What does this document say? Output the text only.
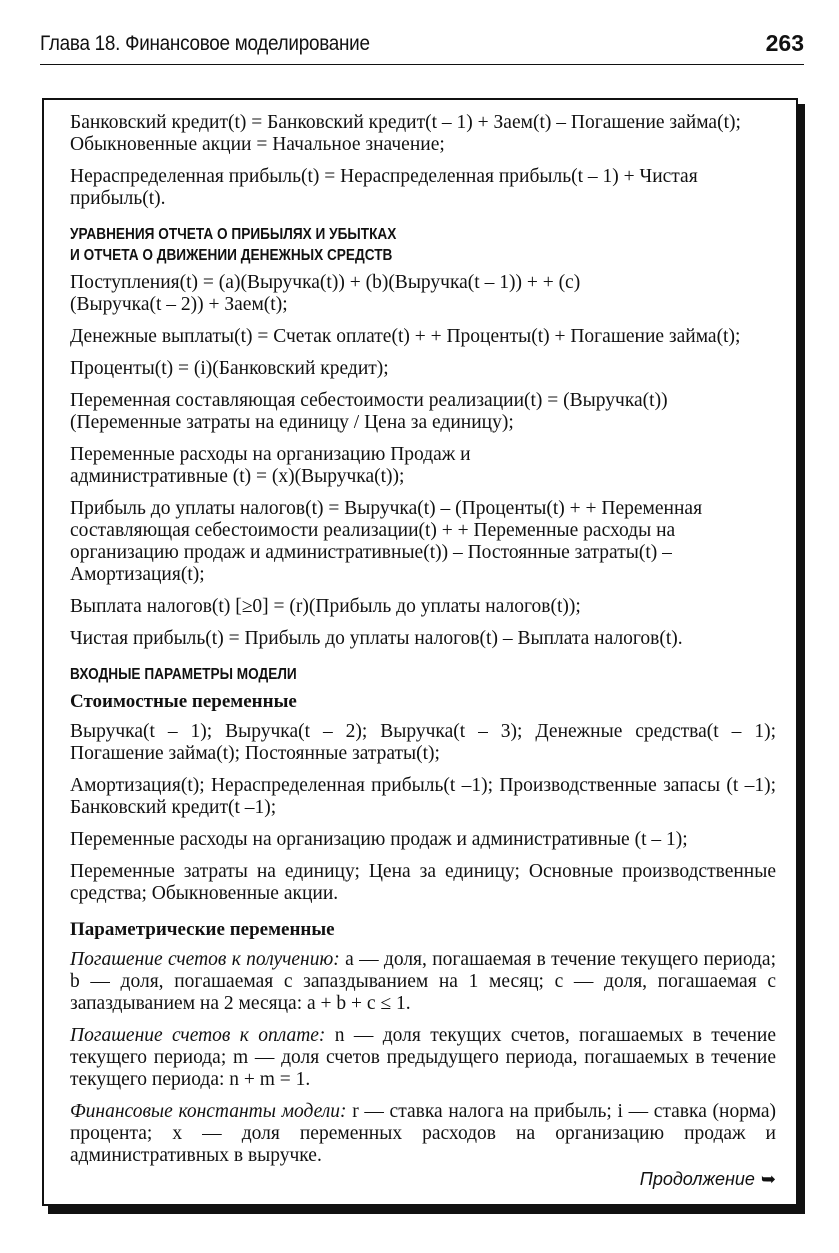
Глава 18. Финансовое моделирование	263

Банковский кредит(t) = Банковский кредит(t – 1) + Заем(t) – Погашение займа(t); Обыкновенные акции = Начальное значение;

Нераспределенная прибыль(t) = Нераспределенная прибыль(t – 1) + Чистая прибыль(t).

УРАВНЕНИЯ ОТЧЕТА О ПРИБЫЛЯХ И УБЫТКАХ
И ОТЧЕТА О ДВИЖЕНИИ ДЕНЕЖНЫХ СРЕДСТВ

Поступления(t) = (a)(Выручка(t)) + (b)(Выручка(t – 1)) + + (c)(Выручка(t – 2)) + Заем(t);

Денежные выплаты(t) = Счетак оплате(t) + + Проценты(t) + Погашение займа(t);

Проценты(t) = (i)(Банковский кредит);

Переменная составляющая себестоимости реализации(t) = (Выручка(t))(Переменные затраты на единицу / Цена за единицу);

Переменные расходы на организацию Продаж и административные (t) = (x)(Выручка(t));

Прибыль до уплаты налогов(t) = Выручка(t) – (Проценты(t) + + Переменная составляющая себестоимости реализации(t) + + Переменные расходы на организацию продаж и административные(t)) – Постоянные затраты(t) – Амортизация(t);

Выплата налогов(t) [≥0] = (r)(Прибыль до уплаты налогов(t));

Чистая прибыль(t) = Прибыль до уплаты налогов(t) – Выплата налогов(t).

ВХОДНЫЕ ПАРАМЕТРЫ МОДЕЛИ
Стоимостные переменные

Выручка(t – 1); Выручка(t – 2); Выручка(t – 3); Денежные средства(t – 1); Погашение займа(t); Постоянные затраты(t);

Амортизация(t); Нераспределенная прибыль(t –1); Производственные запасы (t –1); Банковский кредит(t –1);

Переменные расходы на организацию продаж и административные (t – 1);

Переменные затраты на единицу; Цена за единицу; Основные производственные средства; Обыкновенные акции.

Параметрические переменные

Погашение счетов к получению: a — доля, погашаемая в течение текущего периода; b — доля, погашаемая с запаздыванием на 1 месяц; c — доля, погашаемая с запаздыванием на 2 месяца: a + b + c ≤ 1.

Погашение счетов к оплате: n — доля текущих счетов, погашаемых в течение текущего периода; m — доля счетов предыдущего периода, погашаемых в течение текущего периода: n + m = 1.

Финансовые константы модели: r — ставка налога на прибыль; i — ставка (норма) процента; x — доля переменных расходов на организацию продаж и административных в выручке.

Продолжение ➥
